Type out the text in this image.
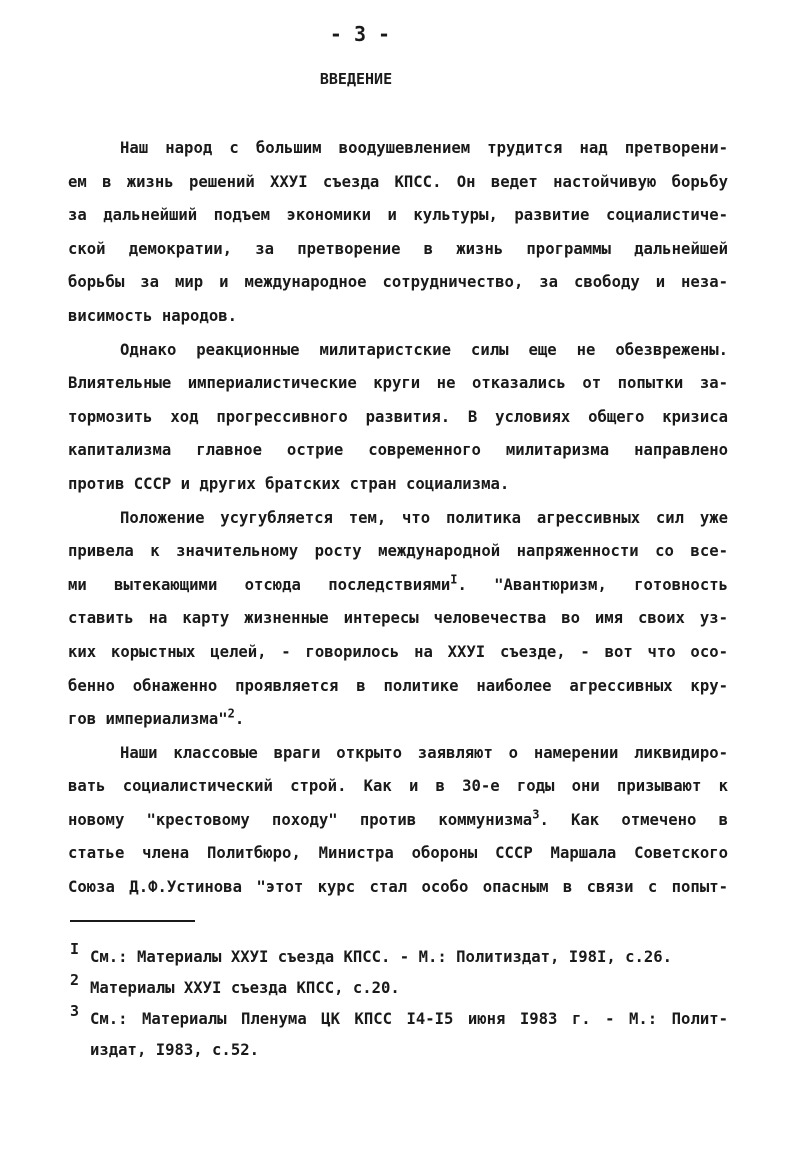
- 3 -
ВВЕДЕНИЕ
Наш народ с большим воодушевлением трудится над претворени-
ем в жизнь решений ХХУI съезда КПСС. Он ведет настойчивую борьбу
за дальнейший подъем экономики и культуры, развитие социалистиче-
ской демократии, за претворение в жизнь программы дальнейшей
борьбы за мир и международное сотрудничество, за свободу и неза-
висимость народов.
Однако реакционные милитаристские силы еще не обезврежены.
Влиятельные империалистические круги не отказались от попытки за-
тормозить ход прогрессивного развития. В условиях общего кризиса
капитализма главное острие современного милитаризма направлено
против СССР и других братских стран социализма.
Положение усугубляется тем, что политика агрессивных сил уже
привела к значительному росту международной напряженности со все-
ми вытекающими отсюда последствиями$^I$. "Авантюризм, готовность
ставить на карту жизненные интересы человечества во имя своих уз-
ких корыстных целей, - говорилось на ХХУI съезде, - вот что осо-
бенно обнаженно проявляется в политике наиболее агрессивных кру-
гов империализма"$^2$.
Наши классовые враги открыто заявляют о намерении ликвидиро-
вать социалистический строй. Как и в 30-е годы они призывают к
новому "крестовому походу" против коммунизма$^3$. Как отмечено в
статье члена Политбюро, Министра обороны СССР Маршала Советского
Союза Д.Ф.Устинова "этот курс стал особо опасным в связи с попыт-
I См.: Материалы ХХУI съезда КПСС. - М.: Политиздат, I98I, с.26.
2 Материалы ХХУI съезда КПСС, с.20.
3 См.: Материалы Пленума ЦК КПСС I4-I5 июня I983 г. - М.: Полит-
издат, I983, с.52.
